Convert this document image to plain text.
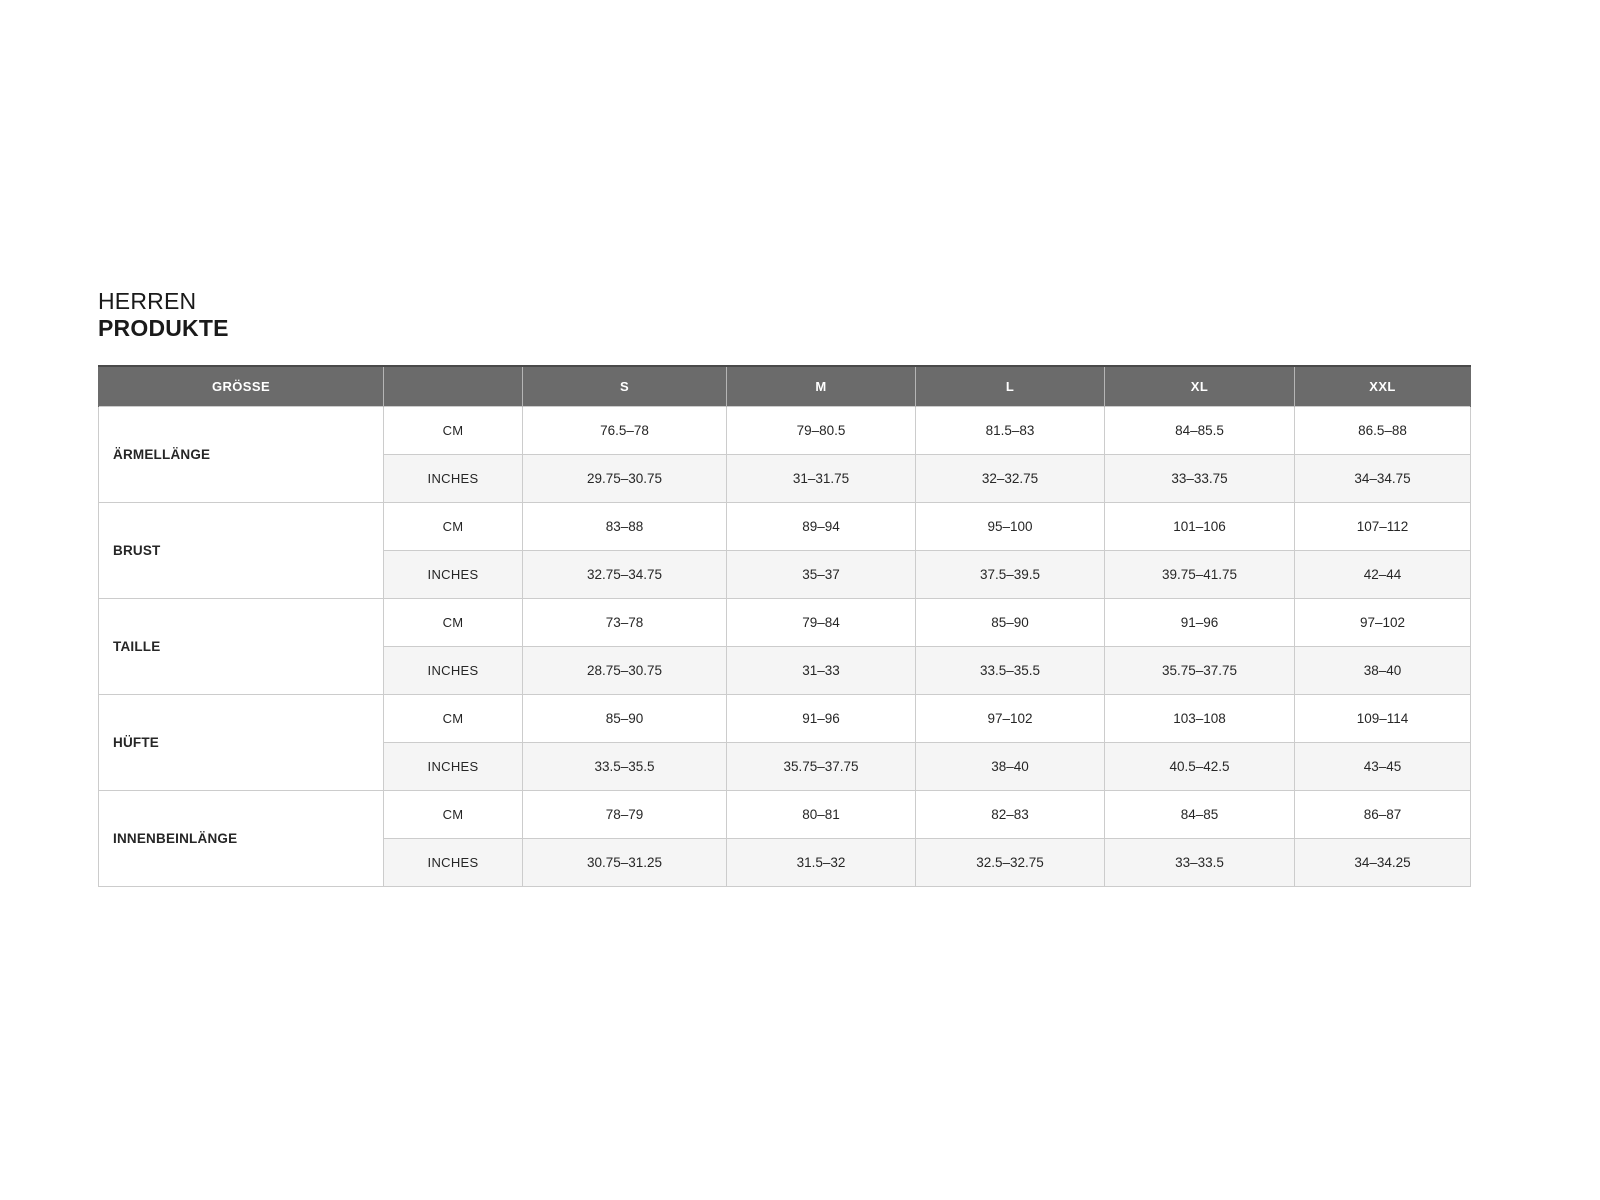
HERREN
PRODUKTE
GRÖSSE		S	M	L	XL	XXL
ÄRMELLÄNGE	CM	76.5–78	79–80.5	81.5–83	84–85.5	86.5–88
	INCHES	29.75–30.75	31–31.75	32–32.75	33–33.75	34–34.75
BRUST	CM	83–88	89–94	95–100	101–106	107–112
	INCHES	32.75–34.75	35–37	37.5–39.5	39.75–41.75	42–44
TAILLE	CM	73–78	79–84	85–90	91–96	97–102
	INCHES	28.75–30.75	31–33	33.5–35.5	35.75–37.75	38–40
HÜFTE	CM	85–90	91–96	97–102	103–108	109–114
	INCHES	33.5–35.5	35.75–37.75	38–40	40.5–42.5	43–45
INNENBEINLÄNGE	CM	78–79	80–81	82–83	84–85	86–87
	INCHES	30.75–31.25	31.5–32	32.5–32.75	33–33.5	34–34.25
